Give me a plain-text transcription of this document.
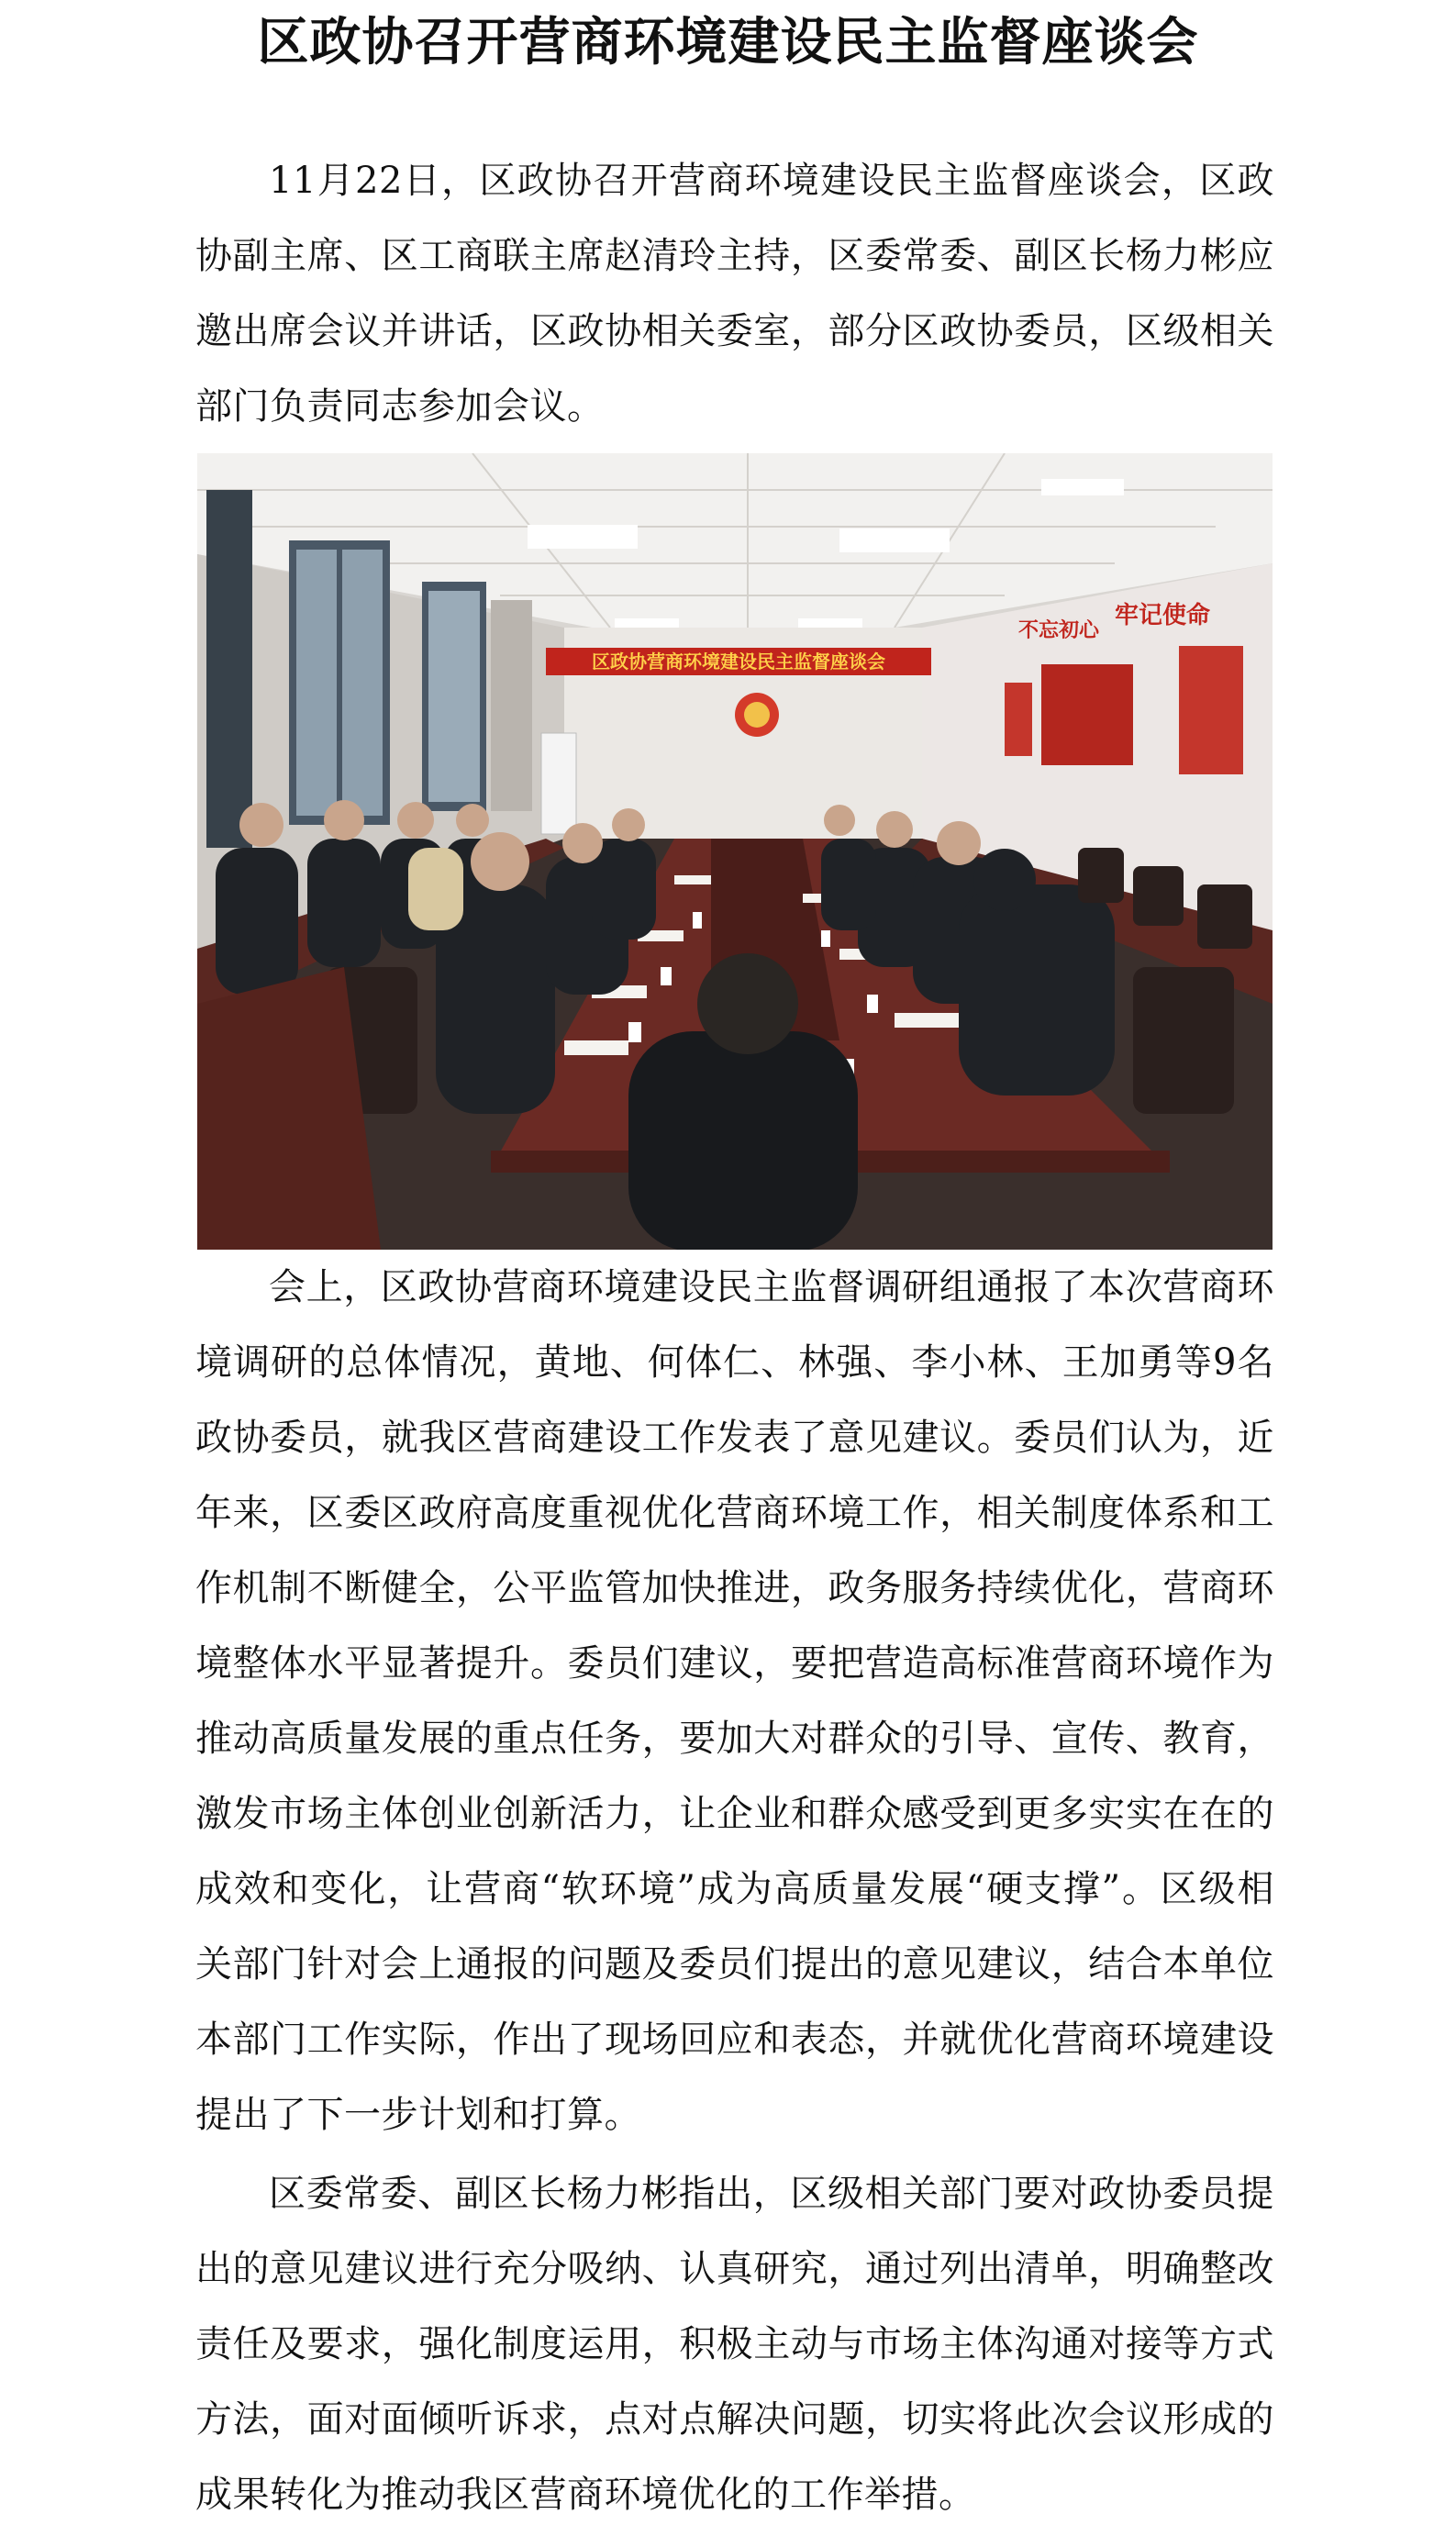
区政协召开营商环境建设民主监督座谈会

11月22日，区政协召开营商环境建设民主监督座谈会，区政协副主席、区工商联主席赵清玲主持，区委常委、副区长杨力彬应邀出席会议并讲话，区政协相关委室，部分区政协委员，区级相关部门负责同志参加会议。

区政协营商环境建设民主监督座谈会
不忘初心
牢记使命

会上，区政协营商环境建设民主监督调研组通报了本次营商环境调研的总体情况，黄地、何体仁、林强、李小林、王加勇等9名政协委员，就我区营商建设工作发表了意见建议。委员们认为，近年来，区委区政府高度重视优化营商环境工作，相关制度体系和工作机制不断健全，公平监管加快推进，政务服务持续优化，营商环境整体水平显著提升。委员们建议，要把营造高标准营商环境作为推动高质量发展的重点任务，要加大对群众的引导、宣传、教育，激发市场主体创业创新活力，让企业和群众感受到更多实实在在的成效和变化，让营商“软环境”成为高质量发展“硬支撑”。区级相关部门针对会上通报的问题及委员们提出的意见建议，结合本单位本部门工作实际，作出了现场回应和表态，并就优化营商环境建设提出了下一步计划和打算。

区委常委、副区长杨力彬指出，区级相关部门要对政协委员提出的意见建议进行充分吸纳、认真研究，通过列出清单，明确整改责任及要求，强化制度运用，积极主动与市场主体沟通对接等方式方法，面对面倾听诉求，点对点解决问题，切实将此次会议形成的成果转化为推动我区营商环境优化的工作举措。
